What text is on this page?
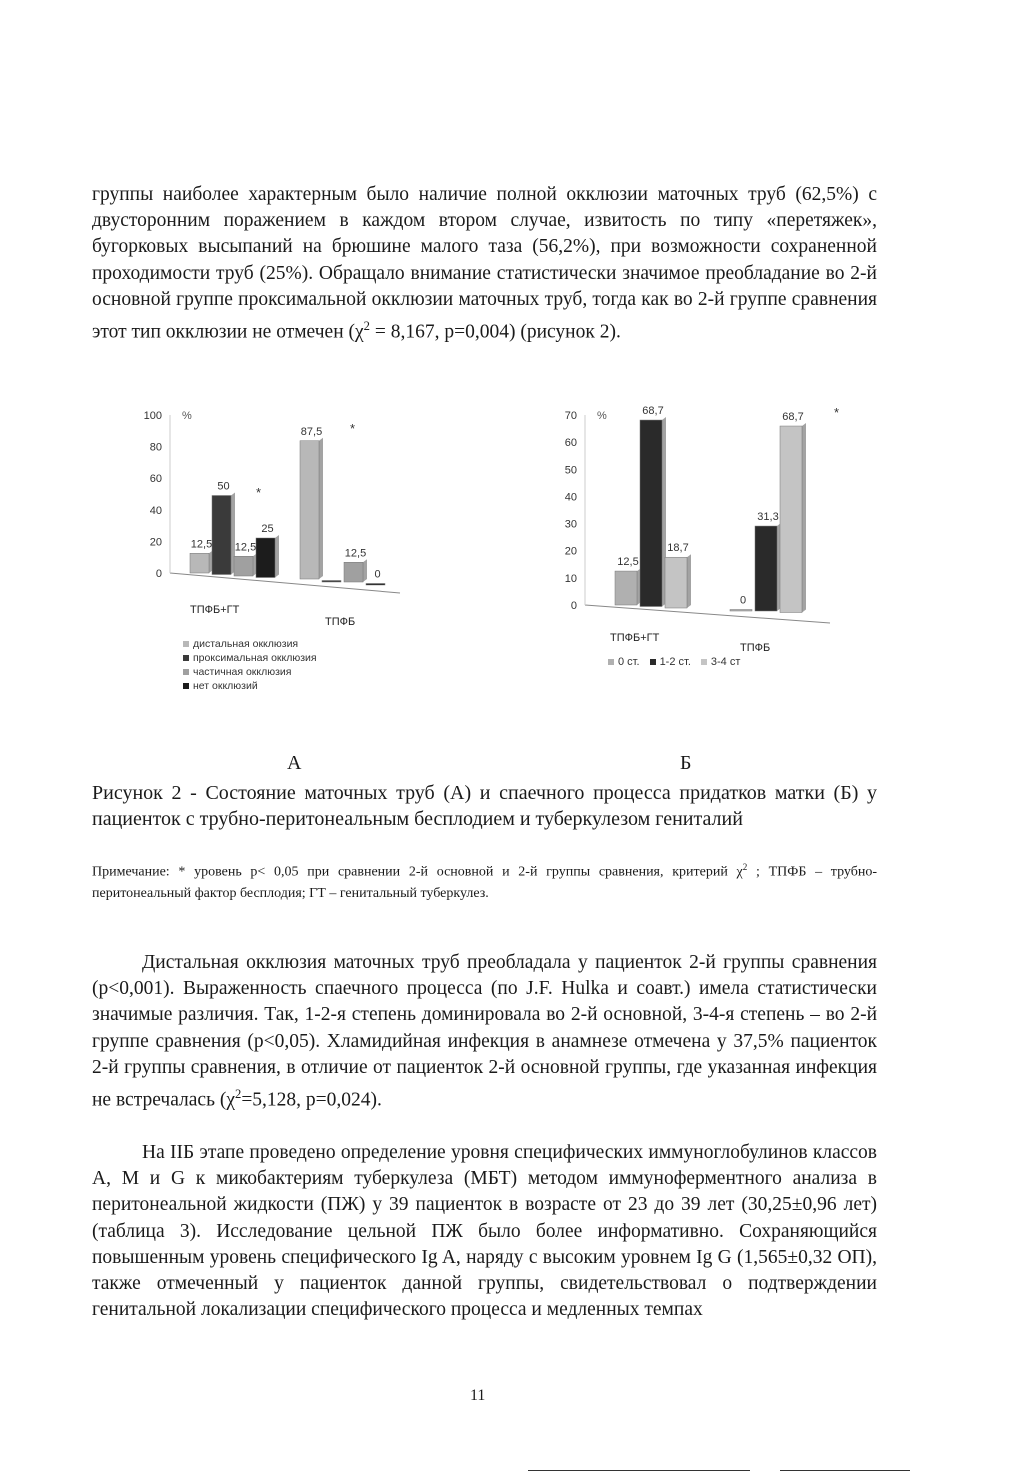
группы наиболее характерным было наличие полной окклюзии маточных труб (62,5%) с двусторонним поражением в каждом втором случае, извитость по типу «перетяжек», бугорковых высыпаний на брюшине малого таза (56,2%), при возможности сохраненной проходимости труб (25%). Обращало внимание статистически значимое преобладание во 2-й основной группе проксимальной окклюзии маточных труб, тогда как во 2-й группе сравнения этот тип окклюзии не отмечен ($\chi^2 = 8,167$, p=0,004) (рисунок 2).
0
20
40
60
80
100 %
12,5
50
12,5
25
ТПФБ+ГТ
87,5
12,5
0
ТПФБ
*
*
дистальная окклюзия
проксимальная окклюзия
частичная окклюзия
нет окклюзий
0
10
20
30
40
50
60
70 %
12,5
68,7
18,7
ТПФБ+ГТ
0
31,3
68,7
ТПФБ
*
0 ст. 1-2 ст. 3-4 ст
А	Б
Рисунок 2 - Состояние маточных труб (А) и спаечного процесса придатков матки (Б) у пациенток с трубно-перитонеальным бесплодием и туберкулезом гениталий
Примечание: * уровень р< 0,05 при сравнении 2-й основной и 2-й группы сравнения, критерий $\chi^2$ ; ТПФБ – трубно-перитонеальный фактор бесплодия; ГТ – генитальный туберкулез.
Дистальная окклюзия маточных труб преобладала у пациенток 2-й группы сравнения (р<0,001). Выраженность спаечного процесса (по J.F. Hulka и соавт.) имела статистически значимые различия. Так, 1-2-я степень доминировала во 2-й основной, 3-4-я степень – во 2-й группе сравнения (р<0,05). Хламидийная инфекция в анамнезе отмечена у 37,5% пациенток 2-й группы сравнения, в отличие от пациенток 2-й основной группы, где указанная инфекция не встречалась ($\chi^2=5,128$, p=0,024).
На IIБ этапе проведено определение уровня специфических иммуноглобулинов классов А, М и G к микобактериям туберкулеза (МБТ) методом иммуноферментного анализа в перитонеальной жидкости (ПЖ) у 39 пациенток в возрасте от 23 до 39 лет (30,25±0,96 лет) (таблица 3). Исследование цельной ПЖ было более информативно. Сохраняющийся повышенным уровень специфического Ig A, наряду с высоким уровнем Ig G (1,565±0,32 ОП), также отмеченный у пациенток данной группы, свидетельствовал о подтверждении генитальной локализации специфического процесса и медленных темпах
11
